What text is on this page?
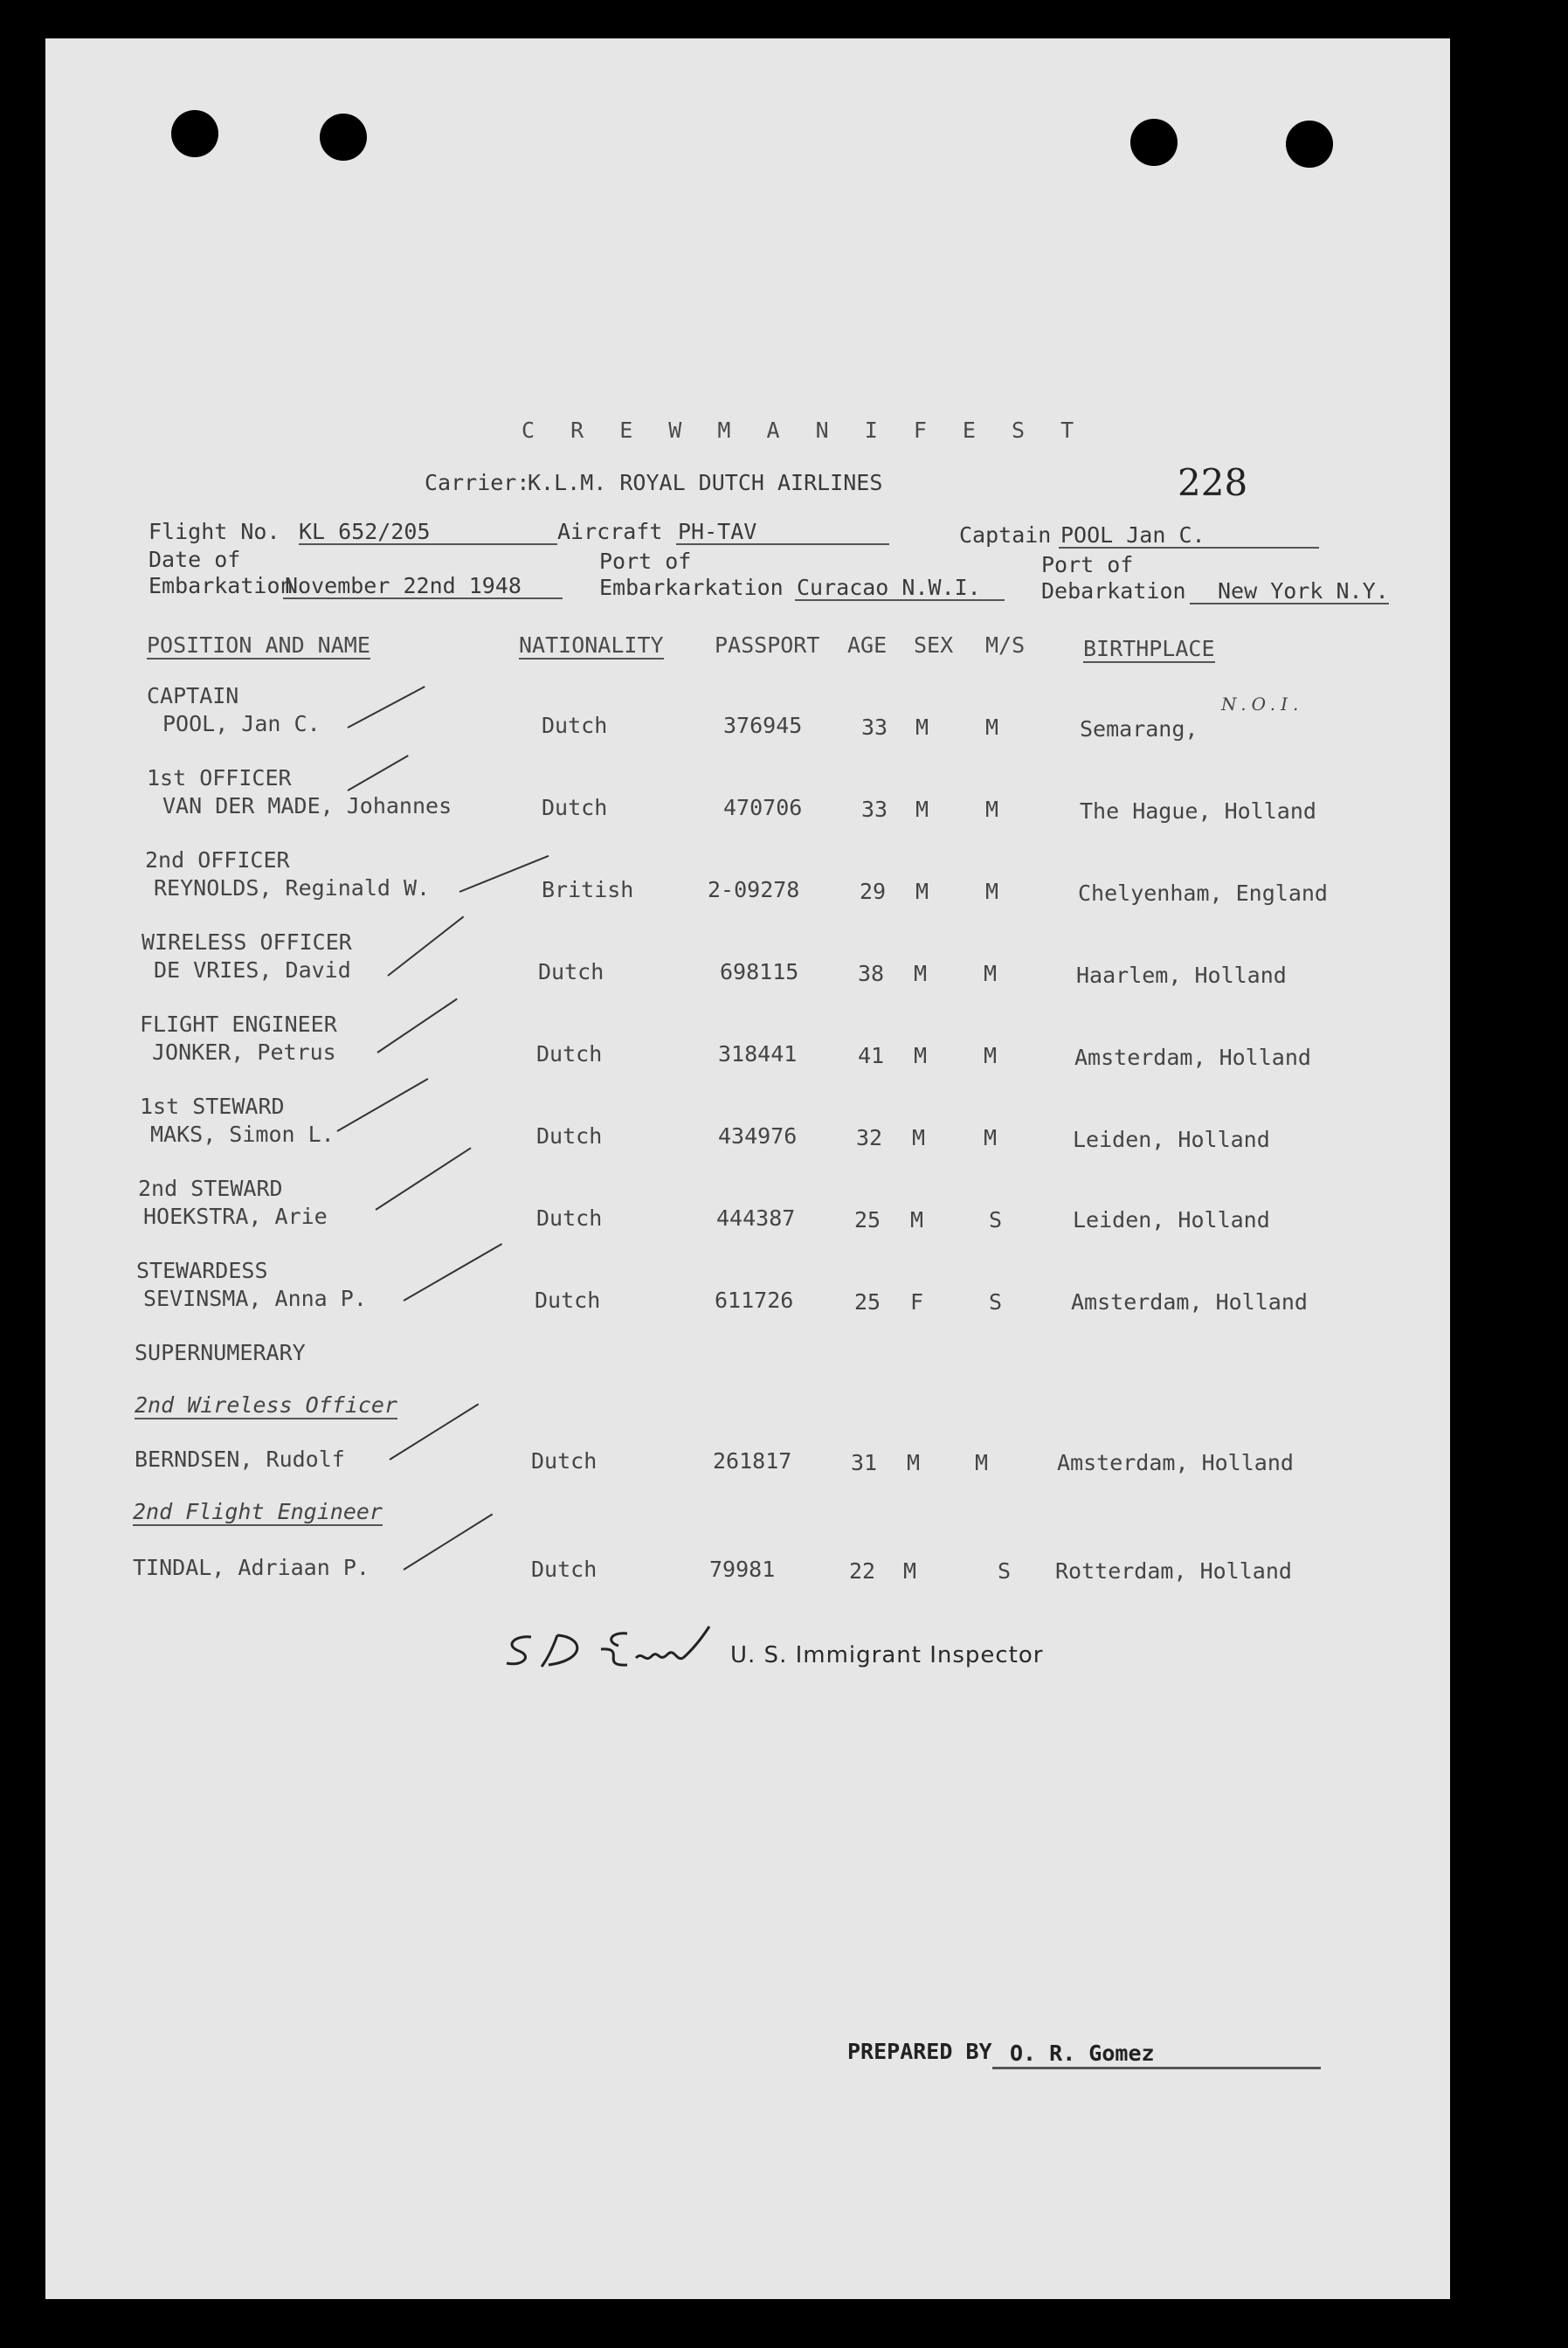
C R E W M A N I F E S T
Carrier:
K.L.M. ROYAL DUTCH AIRLINES	228
Flight No. KL 652/205	Aircraft PH-TAV	Captain POOL Jan C.
Date of
Embarkation
November 22nd 1948
Port of
Embarkarkation Curacao N.W.I.
Port of
Debarkation New York N.Y.
POSITION AND NAME	NATIONALITY PASSPORT AGE SEX M/S	BIRTHPLACE
CAPTAIN
POOL, Jan C.	Dutch	376945	33 M	M	Semarang,
N.O.I.
1st OFFICER
VAN DER MADE, Johannes	Dutch	470706	33 M	M	The Hague, Holland
2nd OFFICER
REYNOLDS, Reginald W.	British	2-09278	29 M	M	Chelyenham, England
WIRELESS OFFICER
DE VRIES, David	Dutch	698115	38 M	M	Haarlem, Holland
FLIGHT ENGINEER
JONKER, Petrus	Dutch	318441	41 M	M	Amsterdam, Holland
1st STEWARD
MAKS, Simon L.	Dutch	434976	32 M	M	Leiden, Holland
2nd STEWARD
HOEKSTRA, Arie	Dutch	444387	25 M	S	Leiden, Holland
STEWARDESS
SEVINSMA, Anna P.	Dutch	611726	25 F	S	Amsterdam, Holland
SUPERNUMERARY
2nd Wireless Officer
BERNDSEN, Rudolf	Dutch	261817	31 M	M	Amsterdam, Holland
2nd Flight Engineer
TINDAL, Adriaan P.	Dutch	79981	22 M	S Rotterdam, Holland
U. S. Immigrant Inspector
PREPARED BY O. R. Gomez
